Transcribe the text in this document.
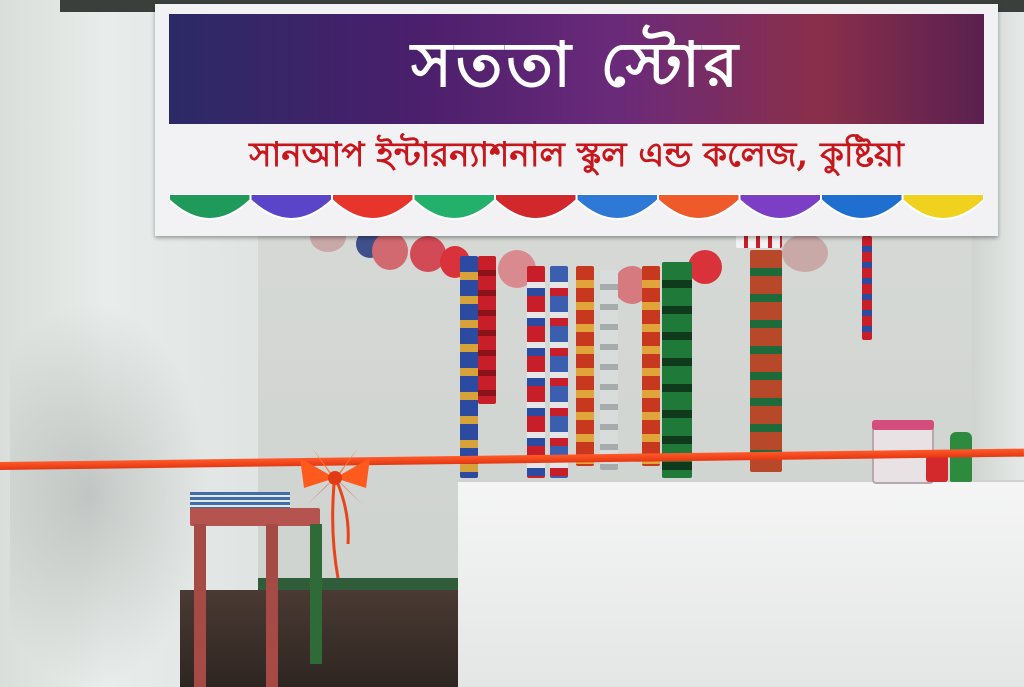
সততা স্টোর
সানআপ ইন্টারন্যাশনাল স্কুল এন্ড কলেজ, কুষ্টিয়া
